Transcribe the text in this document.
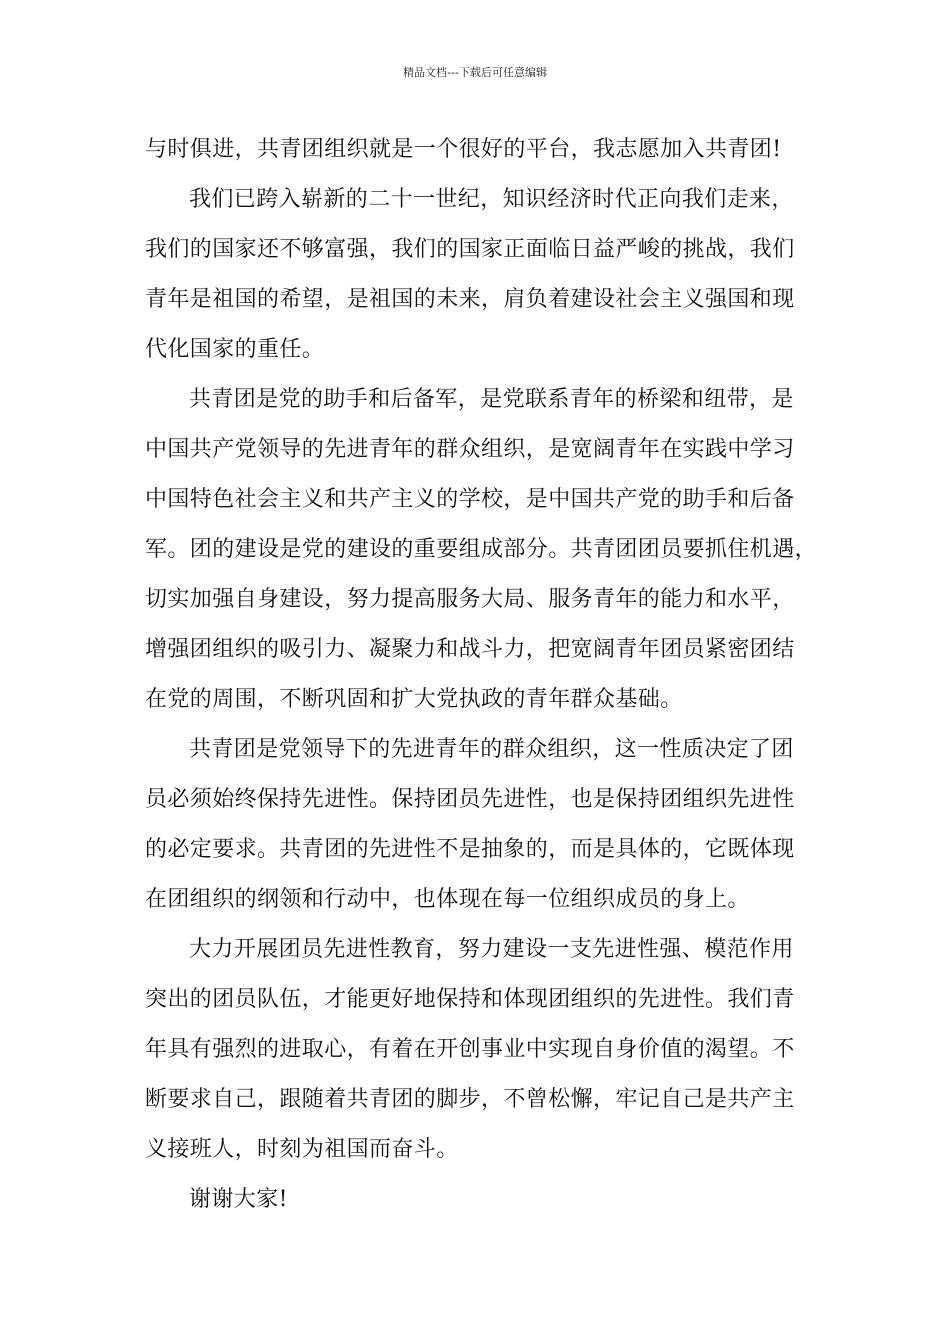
精品文档---下载后可任意编辑
与时俱进，共青团组织就是一个很好的平台，我志愿加入共青团!
我们已跨入崭新的二十一世纪，知识经济时代正向我们走来，
我们的国家还不够富强，我们的国家正面临日益严峻的挑战，我们
青年是祖国的希望，是祖国的未来，肩负着建设社会主义强国和现
代化国家的重任。
共青团是党的助手和后备军，是党联系青年的桥梁和纽带，是
中国共产党领导的先进青年的群众组织，是宽阔青年在实践中学习
中国特色社会主义和共产主义的学校，是中国共产党的助手和后备
军。团的建设是党的建设的重要组成部分。共青团团员要抓住机遇，
切实加强自身建设，努力提高服务大局、服务青年的能力和水平，
增强团组织的吸引力、凝聚力和战斗力，把宽阔青年团员紧密团结
在党的周围，不断巩固和扩大党执政的青年群众基础。
共青团是党领导下的先进青年的群众组织，这一性质决定了团
员必须始终保持先进性。保持团员先进性，也是保持团组织先进性
的必定要求。共青团的先进性不是抽象的，而是具体的，它既体现
在团组织的纲领和行动中，也体现在每一位组织成员的身上。
大力开展团员先进性教育，努力建设一支先进性强、模范作用
突出的团员队伍，才能更好地保持和体现团组织的先进性。我们青
年具有强烈的进取心，有着在开创事业中实现自身价值的渴望。不
断要求自己，跟随着共青团的脚步，不曾松懈，牢记自己是共产主
义接班人，时刻为祖国而奋斗。
谢谢大家!
